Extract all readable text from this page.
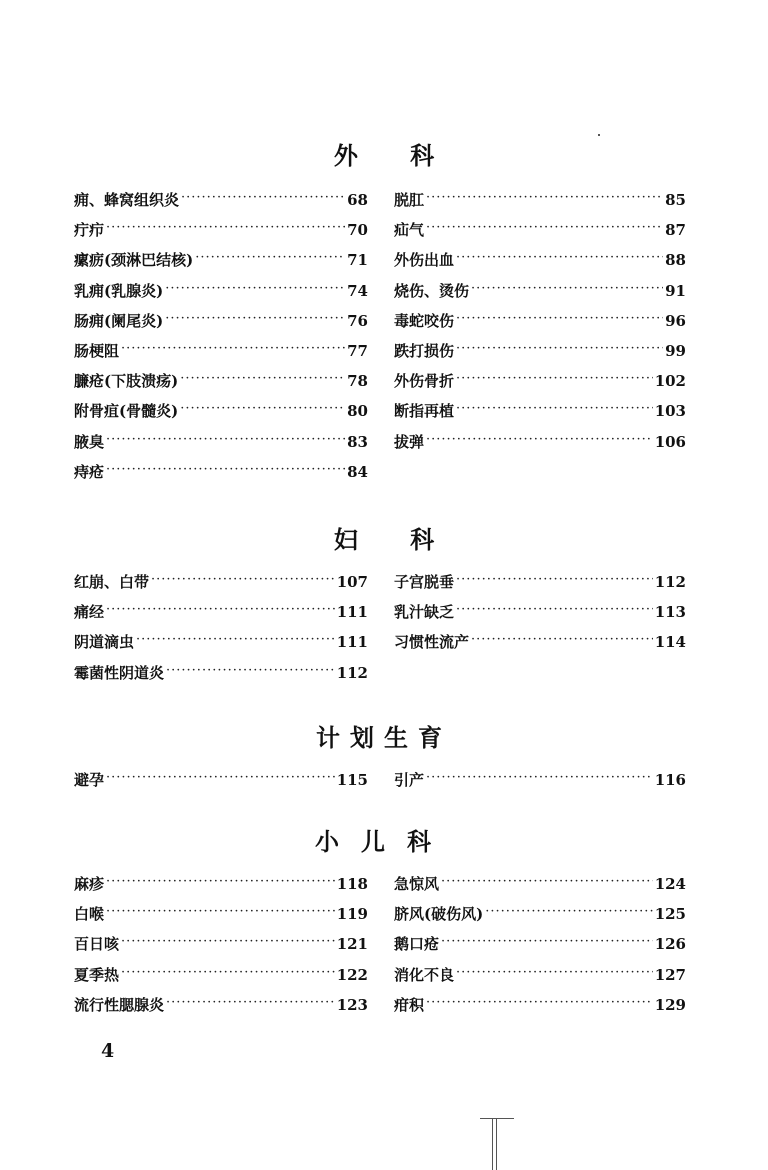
外 科
痈、蜂窝组织炎 ·····	68
疔疖 ·····	70
瘰疬(颈淋巴结核) ·····	71
乳痈(乳腺炎) ·····	74
肠痈(阑尾炎) ·····	76
肠梗阻 ·····	77
臁疮(下肢溃疡) ·····	78
附骨疽(骨髓炎) ·····	80
腋臭 ·····	83
痔疮 ·····	84
脱肛 ·····	85
疝气 ·····	87
外伤出血 ·····	88
烧伤、烫伤 ·····	91
毒蛇咬伤 ·····	96
跌打损伤 ·····	99
外伤骨折 ·····	102
断指再植 ·····	103
拔弹 ·····	106
妇 科
红崩、白带 ·····	107
痛经 ·····	111
阴道滴虫 ·····	111
霉菌性阴道炎 ·····	112
子宫脱垂 ·····	112
乳汁缺乏 ·····	113
习惯性流产 ·····	114
计划生育
避孕 ·····	115 引产 ·····	116
小儿科
麻疹 ·····	118
白喉 ·····	119
百日咳 ·····	121
夏季热 ·····	122
流行性腮腺炎 ·····	123
急惊风 ·····	124
脐风(破伤风) ·····	125
鹅口疮 ·····	126
消化不良 ·····	127
疳积 ·····	129
4
